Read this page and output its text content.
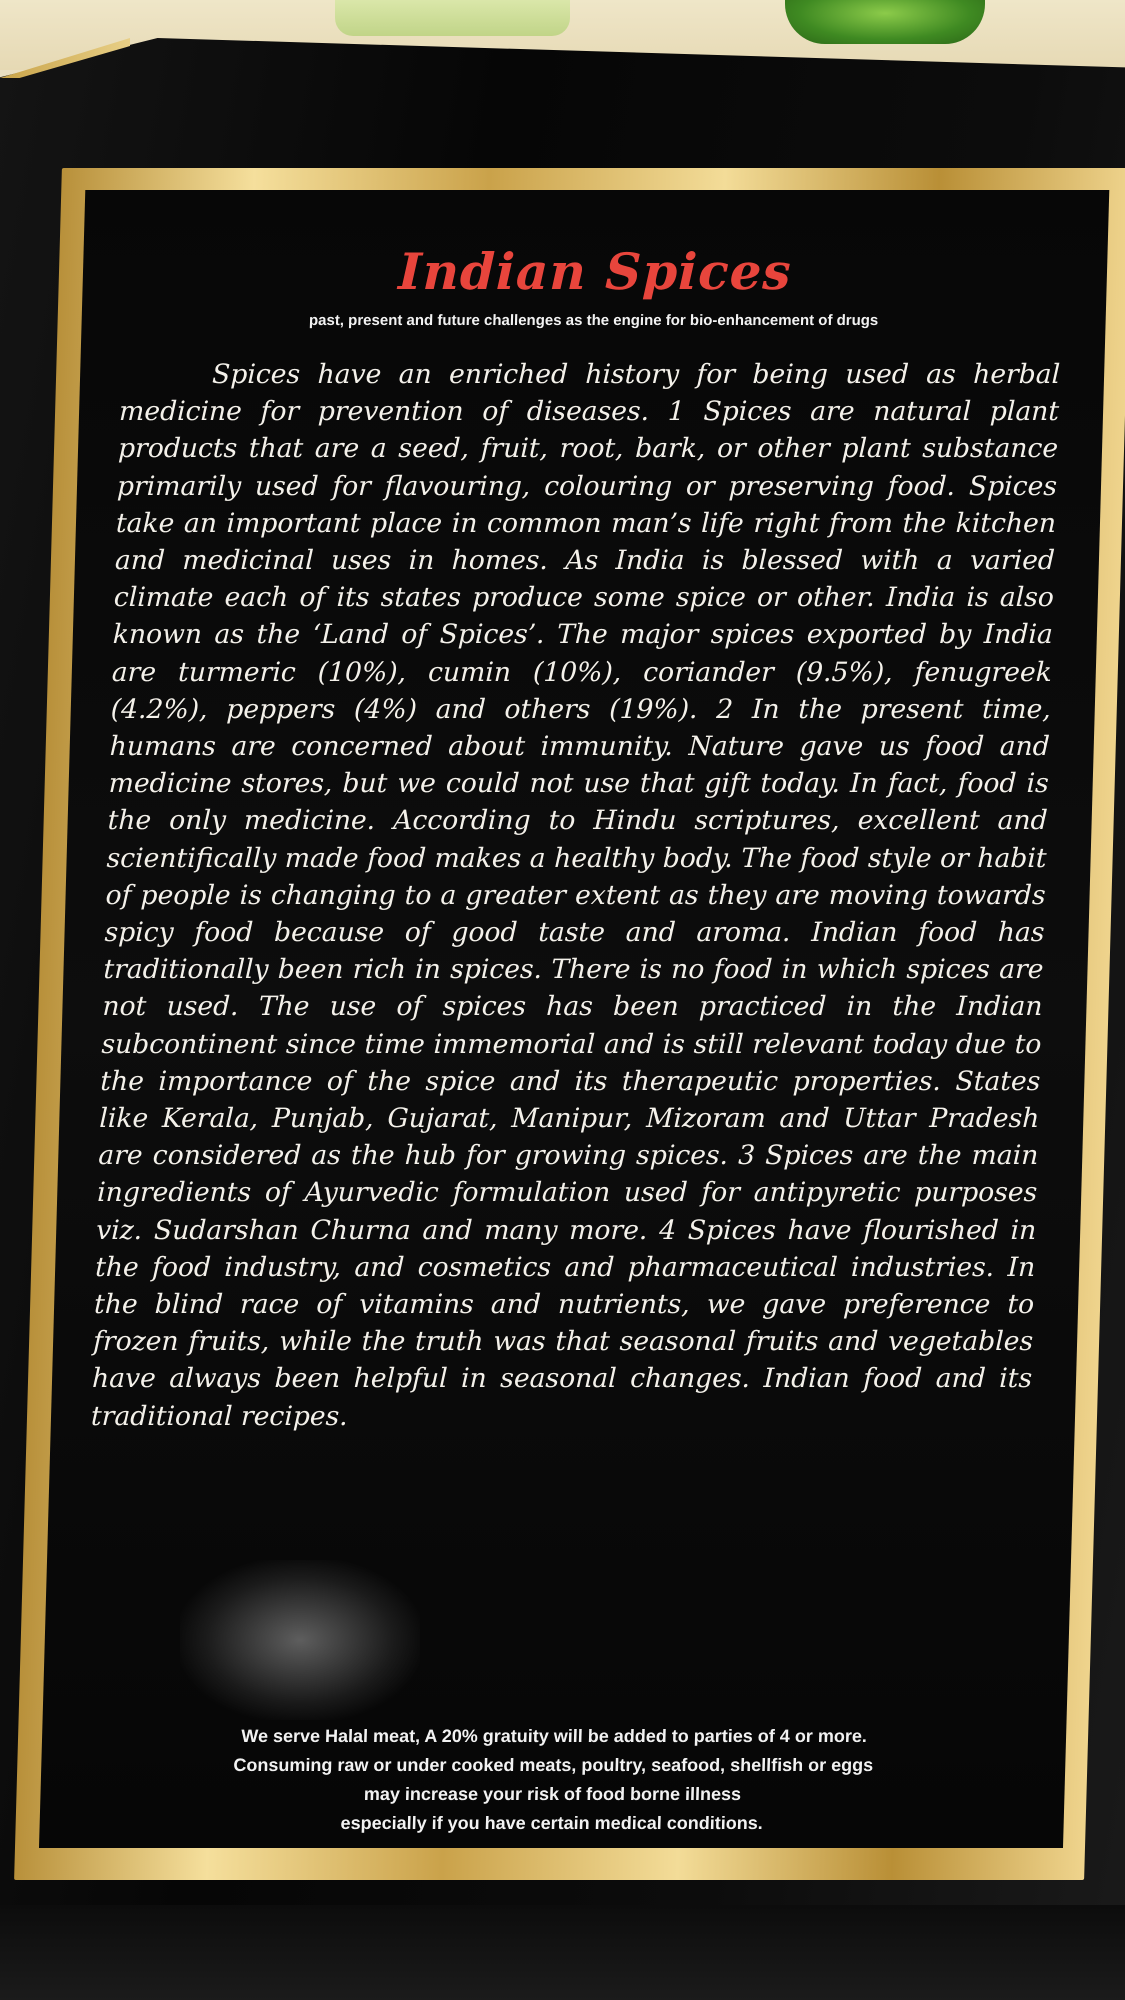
Indian Spices
past, present and future challenges as the engine for bio-enhancement of drugs

Spices have an enriched history for being used as herbal medicine for prevention of diseases. 1 Spices are natural plant products that are a seed, fruit, root, bark, or other plant substance primarily used for flavouring, colouring or preserving food. Spices take an important place in common man’s life right from the kitchen and medicinal uses in homes. As India is blessed with a varied climate each of its states produce some spice or other. India is also known as the ‘Land of Spices’. The major spices exported by India are turmeric (10%), cumin (10%), coriander (9.5%), fenugreek (4.2%), peppers (4%) and others (19%). 2 In the present time, humans are concerned about immunity. Nature gave us food and medicine stores, but we could not use that gift today. In fact, food is the only medicine. According to Hindu scriptures, excellent and scientifically made food makes a healthy body. The food style or habit of people is changing to a greater extent as they are moving towards spicy food because of good taste and aroma. Indian food has traditionally been rich in spices. There is no food in which spices are not used. The use of spices has been practiced in the Indian subcontinent since time immemorial and is still relevant today due to the importance of the spice and its therapeutic properties. States like Kerala, Punjab, Gujarat, Manipur, Mizoram and Uttar Pradesh are considered as the hub for growing spices. 3 Spices are the main ingredients of Ayurvedic formulation used for antipyretic purposes viz. Sudarshan Churna and many more. 4 Spices have flourished in the food industry, and cosmetics and pharmaceutical industries. In the blind race of vitamins and nutrients, we gave preference to frozen fruits, while the truth was that seasonal fruits and vegetables have always been helpful in seasonal changes. Indian food and its traditional recipes.

We serve Halal meat, A 20% gratuity will be added to parties of 4 or more.
Consuming raw or under cooked meats, poultry, seafood, shellfish or eggs
may increase your risk of food borne illness
especially if you have certain medical conditions.
